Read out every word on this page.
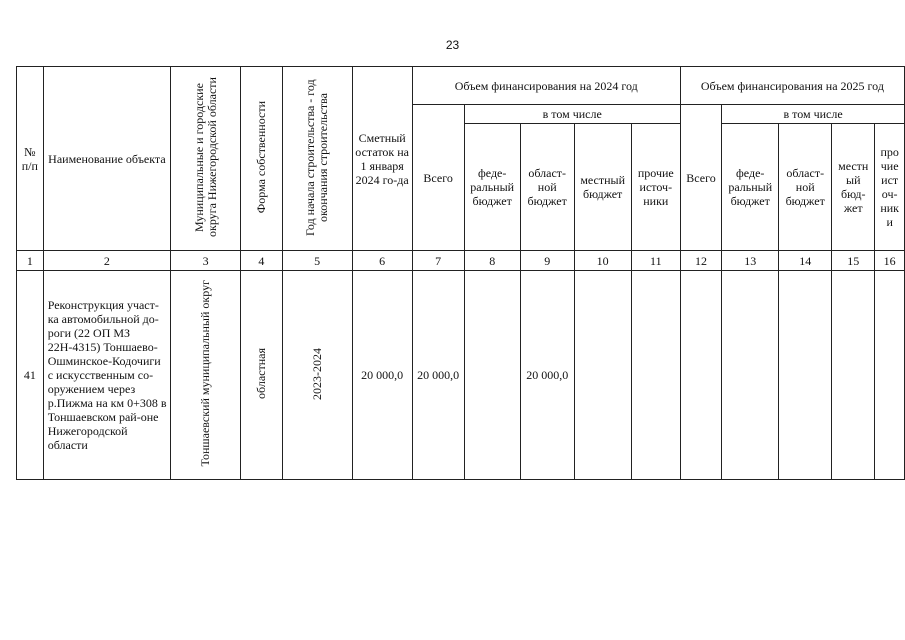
23
№ п/п	Наименование объекта	Муниципальные и городские округа Нижегородской области	Форма собственности	Год начала строительства - год окончания строительства	Сметный остаток на 1 января 2024 го-да	Объем финансирования на 2024 год					Объем финансирования на 2025 год				
						Всего	в том числе				Всего	в том числе			
							феде-ральный бюджет	област-ной бюджет	местный бюджет	прочие источ-ники		феде-ральный бюджет	област-ной бюджет	местн ый бюд-жет	про чие ист оч-ник и
1	2	3	4	5	6	7	8	9	10	11	12	13	14	15	16
41	Реконструкция участ-ка автомобильной до-роги (22 ОП МЗ 22Н-4315) Тоншаево-Ошминское-Кодочиги с искусственным со-оружением через р.Пижма на км 0+308 в Тоншаевском рай-оне Нижегородской области	Тоншаевский муниципальный округ	областная	2023-2024	20 000,0	20 000,0		20 000,0							
